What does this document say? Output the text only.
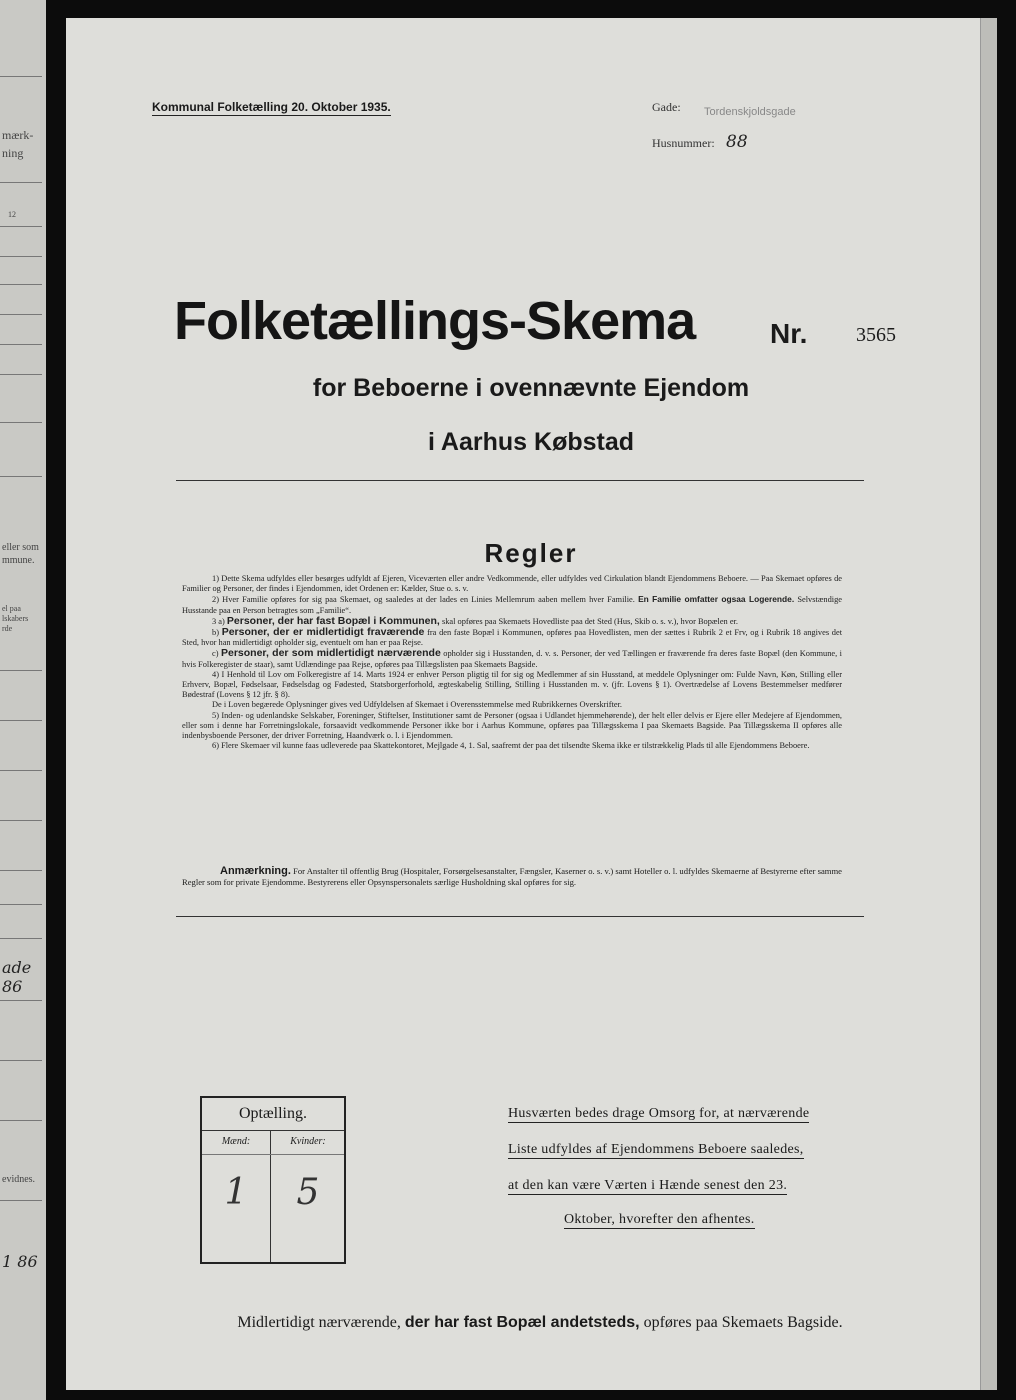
mærk-
ning
12
eller som
mmune.
el paa
lskabers
rde
ade 86
evidnes.
1 86
Kommunal Folketælling 20. Oktober 1935.	Gade: Tordenskjoldsgade
Husnummer: 88
Folketællings-Skema	Nr. 3565
for Beboerne i ovennævnte Ejendom
i Aarhus Købstad
Regler

1) Dette Skema udfyldes eller besørges udfyldt af Ejeren, Viceværten eller andre Vedkommende, eller udfyldes ved Cirkulation blandt Ejendommens Beboere. — Paa Skemaet opføres de Familier og Personer, der findes i Ejendommen, idet Ordenen er: Kælder, Stue o. s. v.

2) Hver Familie opføres for sig paa Skemaet, og saaledes at der lades en Linies Mellemrum aaben mellem hver Familie. En Familie omfatter ogsaa Logerende. Selvstændige Husstande paa en Person betragtes som „Familie“.

3 a) Personer, der har fast Bopæl i Kommunen, skal opføres paa Skemaets Hovedliste paa det Sted (Hus, Skib o. s. v.), hvor Bopælen er.

b) Personer, der er midlertidigt fraværende fra den faste Bopæl i Kommunen, opføres paa Hovedlisten, men der sættes i Rubrik 2 et Frv, og i Rubrik 18 angives det Sted, hvor han midlertidigt opholder sig, eventuelt om han er paa Rejse.

c) Personer, der som midlertidigt nærværende opholder sig i Husstanden, d. v. s. Personer, der ved Tællingen er fraværende fra deres faste Bopæl (den Kommune, i hvis Folkeregister de staar), samt Udlændinge paa Rejse, opføres paa Tillægslisten paa Skemaets Bagside.

4) I Henhold til Lov om Folkeregistre af 14. Marts 1924 er enhver Person pligtig til for sig og Medlemmer af sin Husstand, at meddele Oplysninger om: Fulde Navn, Køn, Stilling eller Erhverv, Bopæl, Fødselsaar, Fødselsdag og Fødested, Statsborgerforhold, ægteskabelig Stilling, Stilling i Husstanden m. v. (jfr. Lovens § 1). Overtrædelse af Lovens Bestemmelser medfører Bødestraf (Lovens § 12 jfr. § 8).

De i Loven begærede Oplysninger gives ved Udfyldelsen af Skemaet i Overensstemmelse med Rubrikkernes Overskrifter.

5) Inden- og udenlandske Selskaber, Foreninger, Stiftelser, Institutioner samt de Personer (ogsaa i Udlandet hjemmehørende), der helt eller delvis er Ejere eller Medejere af Ejendommen, eller som i denne har Forretningslokale, forsaavidt vedkommende Personer ikke bor i Aarhus Kommune, opføres paa Tillægsskema I paa Skemaets Bagside. Paa Tillægsskema II opføres alle indenbysboende Personer, der driver Forretning, Haandværk o. l. i Ejendommen.

6) Flere Skemaer vil kunne faas udleverede paa Skattekontoret, Mejlgade 4, 1. Sal, saafremt der paa det tilsendte Skema ikke er tilstrækkelig Plads til alle Ejendommens Beboere.

Anmærkning. For Anstalter til offentlig Brug (Hospitaler, Forsørgelsesanstalter, Fængsler, Kaserner o. s. v.) samt Hoteller o. l. udfyldes Skemaerne af Bestyrerne efter samme Regler som for private Ejendomme. Bestyrerens eller Opsynspersonalets særlige Husholdning skal opføres for sig.

Optælling.
Mænd:	Kvinder:
1	5
Husværten bedes drage Omsorg for, at nærværende
Liste udfyldes af Ejendommens Beboere saaledes,
at den kan være Værten i Hænde senest den 23.
Oktober, hvorefter den afhentes.
Midlertidigt nærværende, der har fast Bopæl andetsteds, opføres paa Skemaets Bagside.
